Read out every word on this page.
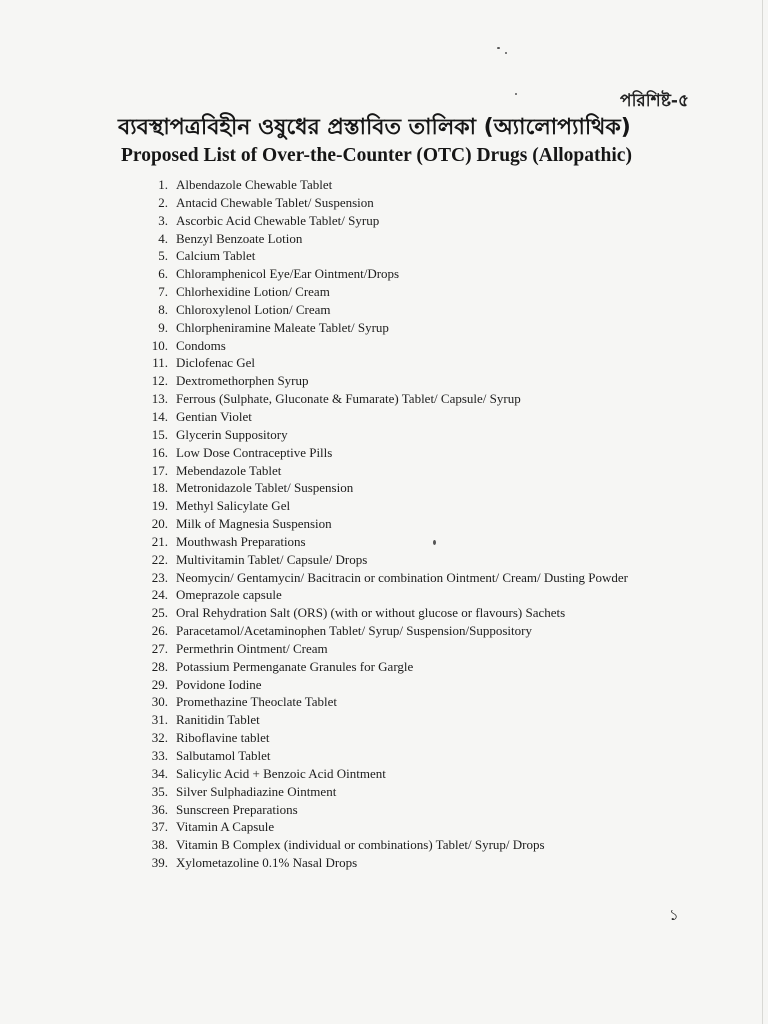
পরিশিষ্ট-৫
ব্যবস্থাপত্রবিহীন ওষুধের প্রস্তাবিত তালিকা (অ্যালোপ্যাথিক)
Proposed List of Over-the-Counter (OTC) Drugs (Allopathic)
1. Albendazole Chewable Tablet
2. Antacid Chewable Tablet/ Suspension
3. Ascorbic Acid Chewable Tablet/ Syrup
4. Benzyl Benzoate Lotion
5. Calcium Tablet
6. Chloramphenicol Eye/Ear Ointment/Drops
7. Chlorhexidine Lotion/ Cream
8. Chloroxylenol Lotion/ Cream
9. Chlorpheniramine Maleate Tablet/ Syrup
10. Condoms
11. Diclofenac Gel
12. Dextromethorphen Syrup
13. Ferrous (Sulphate, Gluconate & Fumarate) Tablet/ Capsule/ Syrup
14. Gentian Violet
15. Glycerin Suppository
16. Low Dose Contraceptive Pills
17. Mebendazole Tablet
18. Metronidazole Tablet/ Suspension
19. Methyl Salicylate Gel
20. Milk of Magnesia Suspension
21. Mouthwash Preparations
22. Multivitamin Tablet/ Capsule/ Drops
23. Neomycin/ Gentamycin/ Bacitracin or combination Ointment/ Cream/ Dusting Powder
24. Omeprazole capsule
25. Oral Rehydration Salt (ORS) (with or without glucose or flavours) Sachets
26. Paracetamol/Acetaminophen Tablet/ Syrup/ Suspension/Suppository
27. Permethrin Ointment/ Cream
28. Potassium Permenganate Granules for Gargle
29. Povidone Iodine
30. Promethazine Theoclate Tablet
31. Ranitidin Tablet
32. Riboflavine tablet
33. Salbutamol Tablet
34. Salicylic Acid + Benzoic Acid Ointment
35. Silver Sulphadiazine Ointment
36. Sunscreen Preparations
37. Vitamin A Capsule
38. Vitamin B Complex (individual or combinations) Tablet/ Syrup/ Drops
39. Xylometazoline 0.1% Nasal Drops
১
